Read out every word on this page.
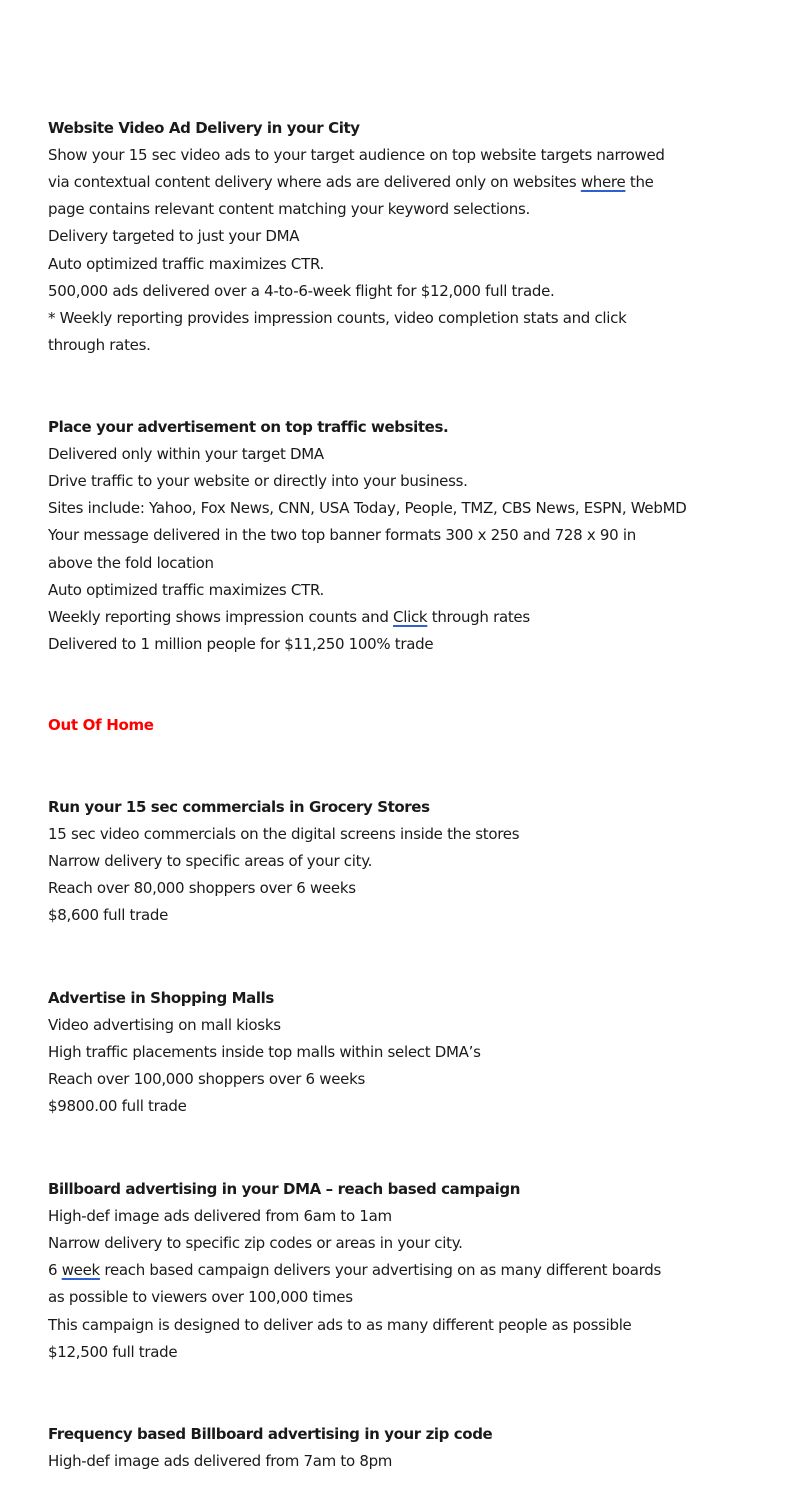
Website Video Ad Delivery in your City
Show your 15 sec video ads to your target audience on top website targets narrowed
via contextual content delivery where ads are delivered only on websites where the
page contains relevant content matching your keyword selections.
Delivery targeted to just your DMA
Auto optimized traffic maximizes CTR.
500,000 ads delivered over a 4-to-6-week flight for $12,000 full trade.
* Weekly reporting provides impression counts, video completion stats and click
through rates.
Place your advertisement on top traffic websites.
Delivered only within your target DMA
Drive traffic to your website or directly into your business.
Sites include: Yahoo, Fox News, CNN, USA Today, People, TMZ, CBS News, ESPN, WebMD
Your message delivered in the two top banner formats 300 x 250 and 728 x 90 in
above the fold location
Auto optimized traffic maximizes CTR.
Weekly reporting shows impression counts and Click through rates
Delivered to 1 million people for $11,250 100% trade
Out Of Home
Run your 15 sec commercials in Grocery Stores
15 sec video commercials on the digital screens inside the stores
Narrow delivery to specific areas of your city.
Reach over 80,000 shoppers over 6 weeks
$8,600 full trade
Advertise in Shopping Malls
Video advertising on mall kiosks
High traffic placements inside top malls within select DMA’s
Reach over 100,000 shoppers over 6 weeks
$9800.00 full trade
Billboard advertising in your DMA – reach based campaign
High-def image ads delivered from 6am to 1am
Narrow delivery to specific zip codes or areas in your city.
6 week reach based campaign delivers your advertising on as many different boards
as possible to viewers over 100,000 times
This campaign is designed to deliver ads to as many different people as possible
$12,500 full trade
Frequency based Billboard advertising in your zip code
High-def image ads delivered from 7am to 8pm
